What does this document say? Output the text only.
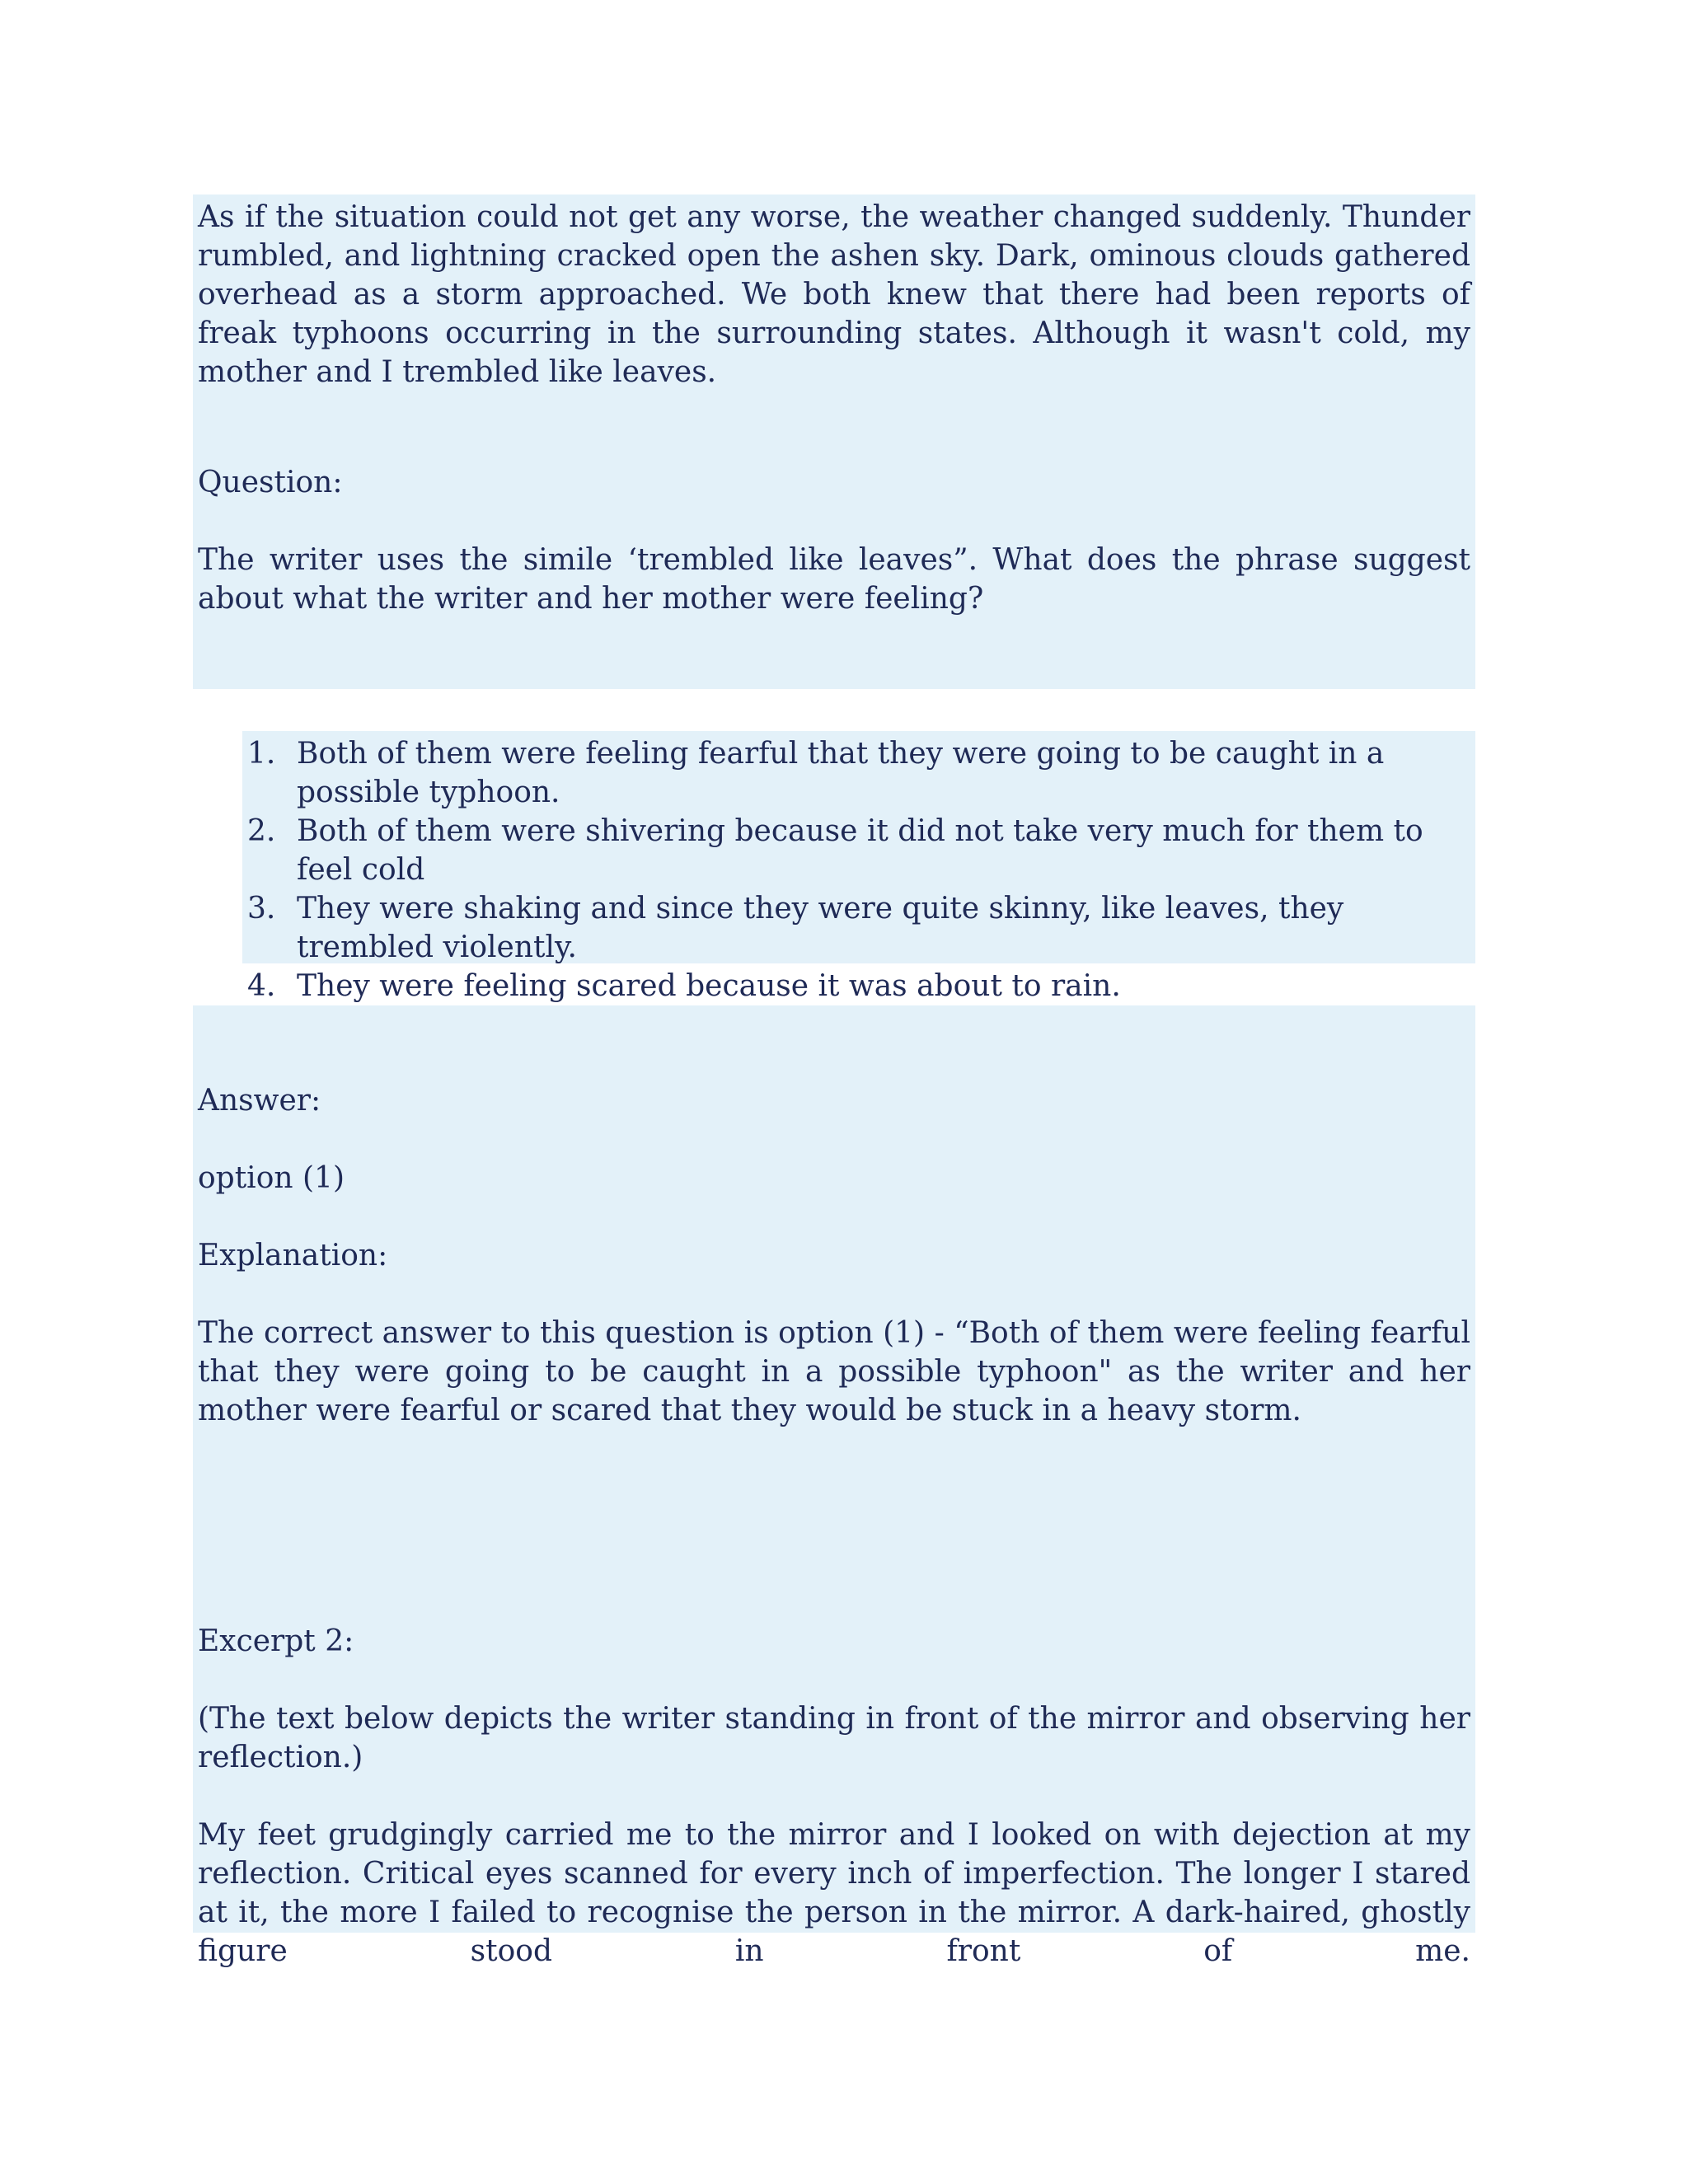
As if the situation could not get any worse, the weather changed suddenly. Thunder rumbled, and lightning cracked open the ashen sky. Dark, ominous clouds gathered overhead as a storm approached. We both knew that there had been reports of freak typhoons occurring in the surrounding states. Although it wasn't cold, my mother and I trembled like leaves.

Question:

The writer uses the simile ‘trembled like leaves”. What does the phrase suggest about what the writer and her mother were feeling?

1. Both of them were feeling fearful that they were going to be caught in a possible typhoon.
2. Both of them were shivering because it did not take very much for them to feel cold
3. They were shaking and since they were quite skinny, like leaves, they trembled violently.
4. They were feeling scared because it was about to rain.

Answer:

option (1)

Explanation:

The correct answer to this question is option (1) - “Both of them were feeling fearful that they were going to be caught in a possible typhoon" as the writer and her mother were fearful or scared that they would be stuck in a heavy storm.

Excerpt 2:

(The text below depicts the writer standing in front of the mirror and observing her reflection.)

My feet grudgingly carried me to the mirror and I looked on with dejection at my reflection. Critical eyes scanned for every inch of imperfection. The longer I stared at it, the more I failed to recognise the person in the mirror. A dark-haired, ghostly figure stood in front of me.
